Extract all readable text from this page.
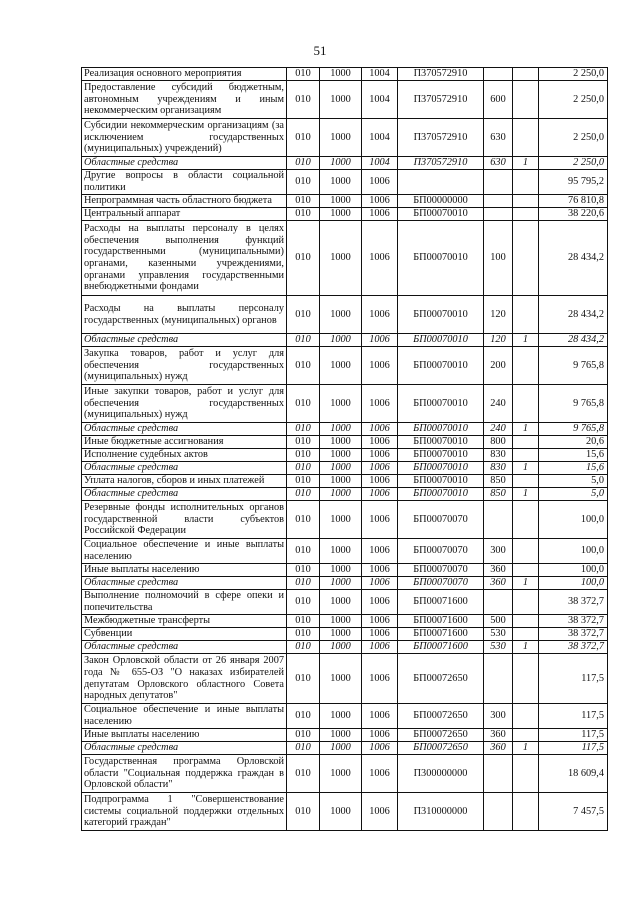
51
Реализация основного мероприятия	010	1000	1004	П370572910			2 250,0
Предоставление субсидий бюджетным, автономным учреждениям и иным некоммерческим организациям	010	1000	1004	П370572910	600		2 250,0
Субсидии некоммерческим организациям (за исключением государственных (муниципальных) учреждений)	010	1000	1004	П370572910	630		2 250,0
Областные средства	010	1000	1004	П370572910	630	1	2 250,0
Другие вопросы в области социальной политики	010	1000	1006				95 795,2
Непрограммная часть областного бюджета	010	1000	1006	БП00000000			76 810,8
Центральный аппарат	010	1000	1006	БП00070010			38 220,6
Расходы на выплаты персоналу в целях обеспечения выполнения функций государственными (муниципальными) органами, казенными учреждениями, органами управления государственными внебюджетными фондами	010	1000	1006	БП00070010	100		28 434,2
Расходы на выплаты персоналу государственных (муниципальных) органов	010	1000	1006	БП00070010	120		28 434,2
Областные средства	010	1000	1006	БП00070010	120	1	28 434,2
Закупка товаров, работ и услуг для обеспечения государственных (муниципальных) нужд	010	1000	1006	БП00070010	200		9 765,8
Иные закупки товаров, работ и услуг для обеспечения государственных (муниципальных) нужд	010	1000	1006	БП00070010	240		9 765,8
Областные средства	010	1000	1006	БП00070010	240	1	9 765,8
Иные бюджетные ассигнования	010	1000	1006	БП00070010	800		20,6
Исполнение судебных актов	010	1000	1006	БП00070010	830		15,6
Областные средства	010	1000	1006	БП00070010	830	1	15,6
Уплата налогов, сборов и иных платежей	010	1000	1006	БП00070010	850		5,0
Областные средства	010	1000	1006	БП00070010	850	1	5,0
Резервные фонды исполнительных органов государственной власти субъектов Российской Федерации	010	1000	1006	БП00070070			100,0
Социальное обеспечение и иные выплаты населению	010	1000	1006	БП00070070	300		100,0
Иные выплаты населению	010	1000	1006	БП00070070	360		100,0
Областные средства	010	1000	1006	БП00070070	360	1	100,0
Выполнение полномочий в сфере опеки и попечительства	010	1000	1006	БП00071600			38 372,7
Межбюджетные трансферты	010	1000	1006	БП00071600	500		38 372,7
Субвенции	010	1000	1006	БП00071600	530		38 372,7
Областные средства	010	1000	1006	БП00071600	530	1	38 372,7
Закон Орловской области от 26 января 2007 года № 655-ОЗ "О наказах избирателей депутатам Орловского областного Совета народных депутатов"	010	1000	1006	БП00072650			117,5
Социальное обеспечение и иные выплаты населению	010	1000	1006	БП00072650	300		117,5
Иные выплаты населению	010	1000	1006	БП00072650	360		117,5
Областные средства	010	1000	1006	БП00072650	360	1	117,5
Государственная программа Орловской области "Социальная поддержка граждан в Орловской области"	010	1000	1006	П300000000			18 609,4
Подпрограмма 1 "Совершенствование системы социальной поддержки отдельных категорий граждан"	010	1000	1006	П310000000			7 457,5
